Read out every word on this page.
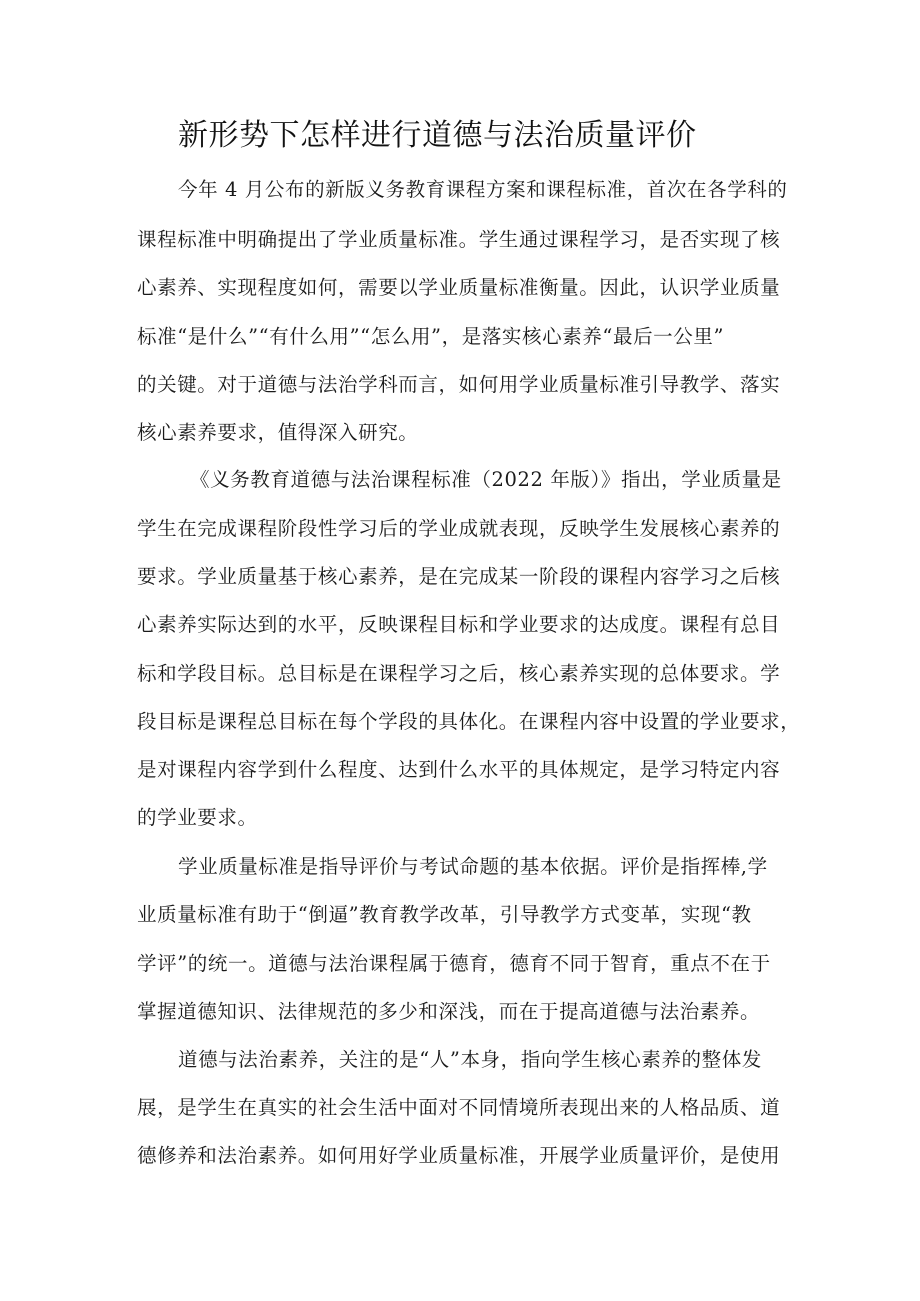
新形势下怎样进行道德与法治质量评价
今年 4 月公布的新版义务教育课程方案和课程标准，首次在各学科的
课程标准中明确提出了学业质量标准。学生通过课程学习，是否实现了核
心素养、实现程度如何，需要以学业质量标准衡量。因此，认识学业质量
标准“是什么”“有什么用”“怎么用”，是落实核心素养“最后一公里”
的关键。对于道德与法治学科而言，如何用学业质量标准引导教学、落实
核心素养要求，值得深入研究。
《义务教育道德与法治课程标准（2022 年版）》指出，学业质量是
学生在完成课程阶段性学习后的学业成就表现，反映学生发展核心素养的
要求。学业质量基于核心素养，是在完成某一阶段的课程内容学习之后核
心素养实际达到的水平，反映课程目标和学业要求的达成度。课程有总目
标和学段目标。总目标是在课程学习之后，核心素养实现的总体要求。学
段目标是课程总目标在每个学段的具体化。在课程内容中设置的学业要求，
是对课程内容学到什么程度、达到什么水平的具体规定，是学习特定内容
的学业要求。
学业质量标准是指导评价与考试命题的基本依据。评价是指挥棒,学
业质量标准有助于“倒逼”教育教学改革，引导教学方式变革，实现“教
学评”的统一。道德与法治课程属于德育，德育不同于智育，重点不在于
掌握道德知识、法律规范的多少和深浅，而在于提高道德与法治素养。
道德与法治素养，关注的是“人”本身，指向学生核心素养的整体发
展，是学生在真实的社会生活中面对不同情境所表现出来的人格品质、道
德修养和法治素养。如何用好学业质量标准，开展学业质量评价，是使用
